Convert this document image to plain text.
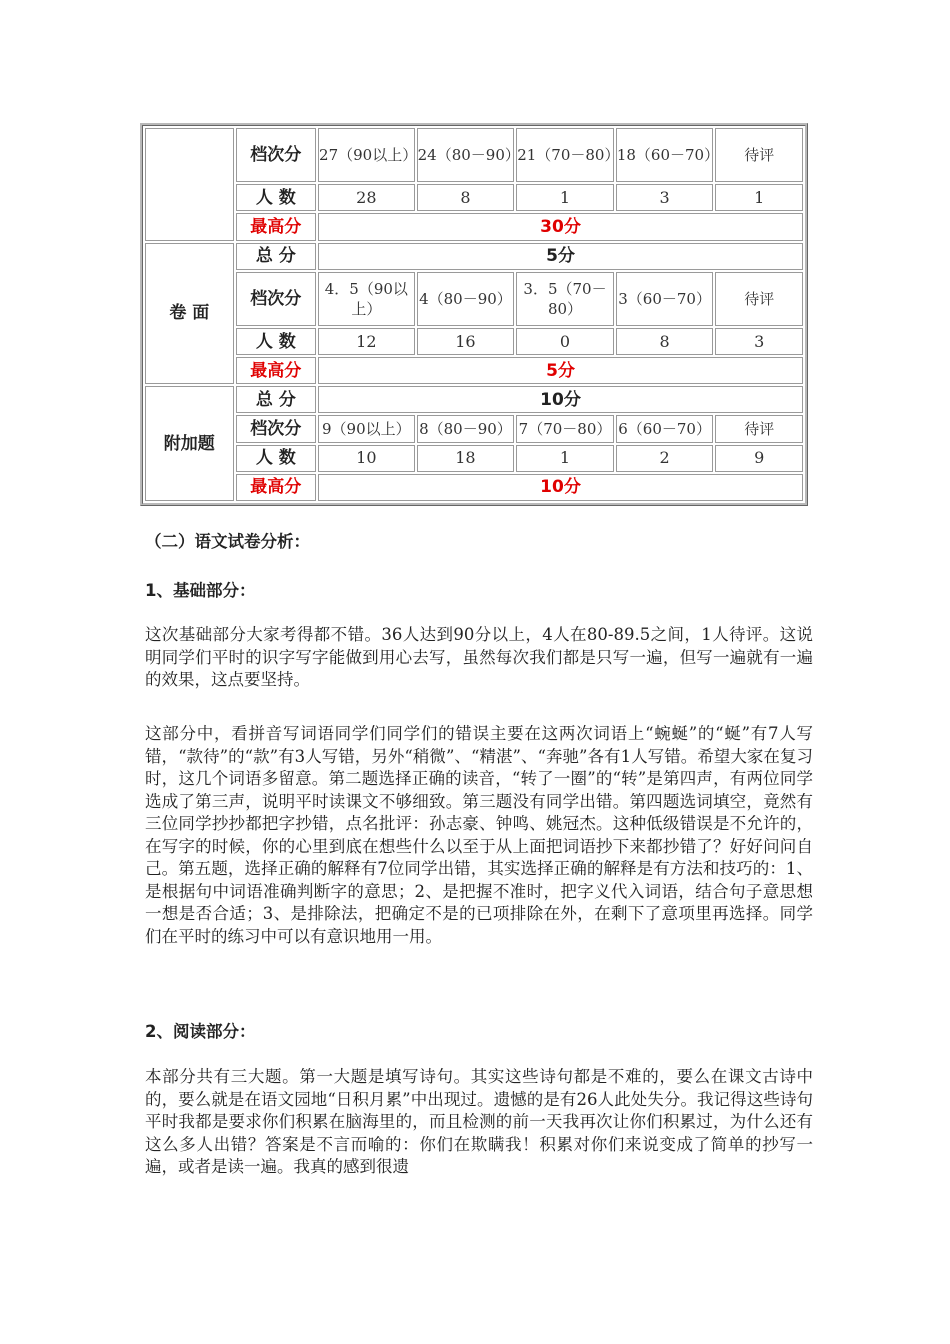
	档次分	27（90以上）	24（80－90）	21（70－80）	18（60－70）	待评
	人 数	28	8	1	3	1
	最高分	30分				
卷 面	总 分	5分				
	档次分	4．5（90以上）	4（80－90）	3．5（70－80）	3（60－70）	待评
	人 数	12	16	0	8	3
	最高分	5分				
附加题	总 分	10分				
	档次分	9（90以上）	8（80－90）	7（70－80）	6（60－70）	待评
	人 数	10	18	1	2	9
	最高分	10分				
（二）语文试卷分析：
1、基础部分：
这次基础部分大家考得都不错。36人达到90分以上，4人在80-89.5之间，1人待评。这说明同学们平时的识字写字能做到用心去写，虽然每次我们都是只写一遍，但写一遍就有一遍的效果，这点要坚持。
这部分中，看拼音写词语同学们同学们的错误主要在这两次词语上“蜿蜒”的“蜒”有7人写错，“款待”的“款”有3人写错，另外“稍微”、“精湛”、“奔驰”各有1人写错。希望大家在复习时，这几个词语多留意。第二题选择正确的读音，“转了一圈”的“转”是第四声，有两位同学选成了第三声，说明平时读课文不够细致。第三题没有同学出错。第四题选词填空，竟然有三位同学抄抄都把字抄错，点名批评：孙志豪、钟鸣、姚冠杰。这种低级错误是不允许的，在写字的时候，你的心里到底在想些什么以至于从上面把词语抄下来都抄错了？好好问问自己。第五题，选择正确的解释有7位同学出错，其实选择正确的解释是有方法和技巧的：1、是根据句中词语准确判断字的意思；2、是把握不准时，把字义代入词语，结合句子意思想一想是否合适；3、是排除法，把确定不是的已项排除在外，在剩下了意项里再选择。同学们在平时的练习中可以有意识地用一用。
2、阅读部分：
本部分共有三大题。第一大题是填写诗句。其实这些诗句都是不难的，要么在课文古诗中的，要么就是在语文园地“日积月累”中出现过。遗憾的是有26人此处失分。我记得这些诗句平时我都是要求你们积累在脑海里的，而且检测的前一天我再次让你们积累过，为什么还有这么多人出错？答案是不言而喻的：你们在欺瞒我！积累对你们来说变成了简单的抄写一遍，或者是读一遍。我真的感到很遗
